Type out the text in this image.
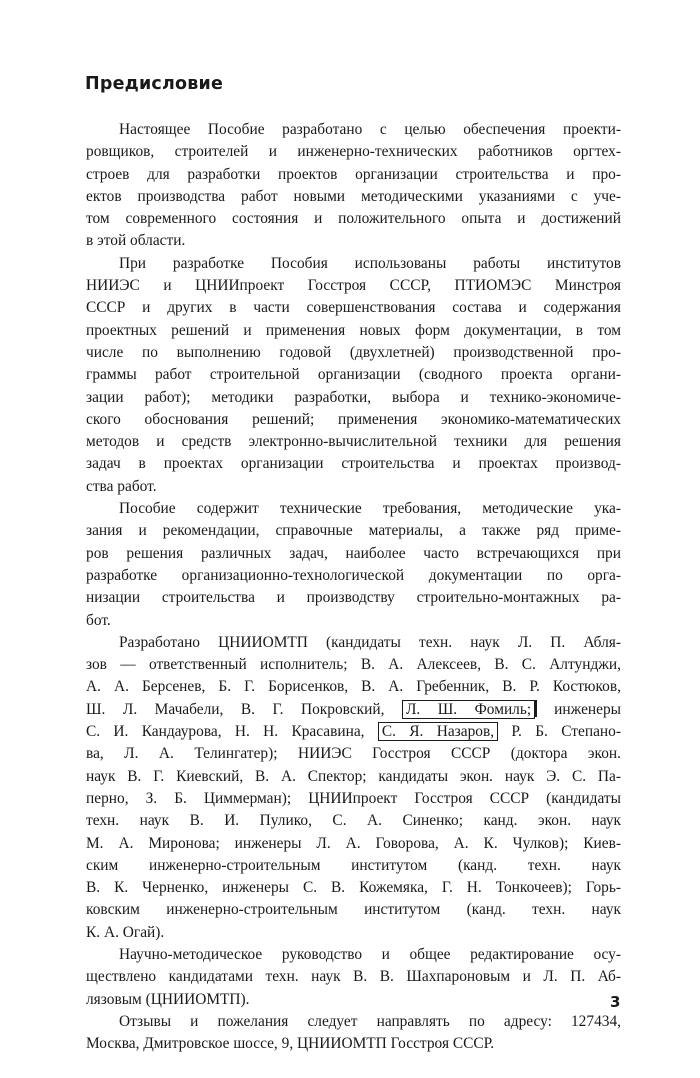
Предисловие
Настоящее Пособие разработано с целью обеспечения проекти-
ровщиков, строителей и инженерно-технических работников оргтех-
строев для разработки проектов организации строительства и про-
ектов производства работ новыми методическими указаниями с уче-
том современного состояния и положительного опыта и достижений
в этой области.
При разработке Пособия использованы работы институтов
НИИЭС и ЦНИИпроект Госстроя СССР, ПТИОМЭС Минстроя
СССР и других в части совершенствования состава и содержания
проектных решений и применения новых форм документации, в том
числе по выполнению годовой (двухлетней) производственной про-
граммы работ строительной организации (сводного проекта органи-
зации работ); методики разработки, выбора и технико-экономиче-
ского обоснования решений; применения экономико-математических
методов и средств электронно-вычислительной техники для решения
задач в проектах организации строительства и проектах производ-
ства работ.
Пособие содержит технические требования, методические ука-
зания и рекомендации, справочные материалы, а также ряд приме-
ров решения различных задач, наиболее часто встречающихся при
разработке организационно-технологической документации по орга-
низации строительства и производству строительно-монтажных ра-
бот.
Разработано ЦНИИОМТП (кандидаты техн. наук Л. П. Абля-
зов — ответственный исполнитель; В. А. Алексеев, В. С. Алтунджи,
А. А. Берсенев, Б. Г. Борисенков, В. А. Гребенник, В. Р. Костюков,
Ш. Л. Мачабели, В. Г. Покровский, Л. Ш. Фомиль; инженеры
С. И. Кандаурова, Н. Н. Красавина, С. Я. Назаров, Р. Б. Степано-
ва, Л. А. Телингатер); НИИЭС Госстроя СССР (доктора экон.
наук В. Г. Киевский, В. А. Спектор; кандидаты экон. наук Э. С. Па-
перно, З. Б. Циммерман); ЦНИИпроект Госстроя СССР (кандидаты
техн. наук В. И. Пулико, С. А. Синенко; канд. экон. наук
М. А. Миронова; инженеры Л. А. Говорова, А. К. Чулков); Киев-
ским инженерно-строительным институтом (канд. техн. наук
В. К. Черненко, инженеры С. В. Кожемяка, Г. Н. Тонкочеев); Горь-
ковским инженерно-строительным институтом (канд. техн. наук
К. А. Огай).
Научно-методическое руководство и общее редактирование осу-
ществлено кандидатами техн. наук В. В. Шахпароновым и Л. П. Аб-
лязовым (ЦНИИОМТП).
Отзывы и пожелания следует направлять по адресу: 127434,
Москва, Дмитровское шоссе, 9, ЦНИИОМТП Госстроя СССР.
3
